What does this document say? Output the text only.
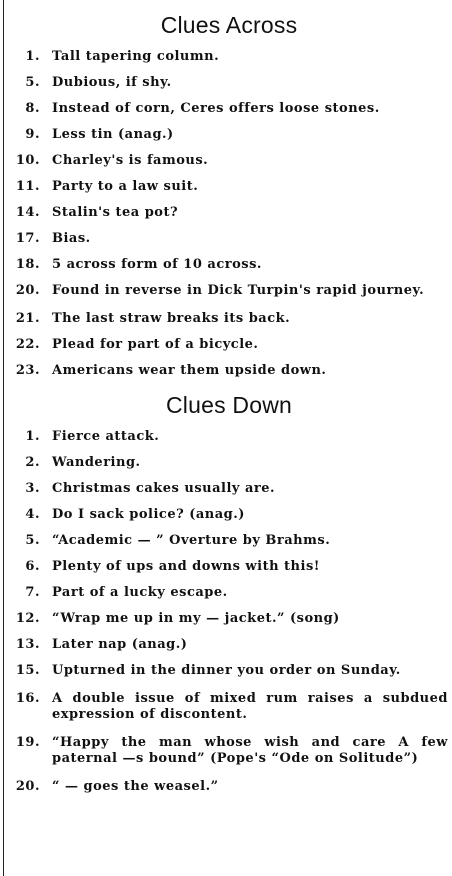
Clues Across
1. Tall tapering column.
5. Dubious, if shy.
8. Instead of corn, Ceres offers loose stones.
9. Less tin (anag.)
10. Charley's is famous.
11. Party to a law suit.
14. Stalin's tea pot?
17. Bias.
18. 5 across form of 10 across.
20. Found in reverse in Dick Turpin's rapid journey.
21. The last straw breaks its back.
22. Plead for part of a bicycle.
23. Americans wear them upside down.
Clues Down
1. Fierce attack.
2. Wandering.
3. Christmas cakes usually are.
4. Do I sack police? (anag.)
5. “Academic — ” Overture by Brahms.
6. Plenty of ups and downs with this!
7. Part of a lucky escape.
12. “Wrap me up in my — jacket.” (song)
13. Later nap (anag.)
15. Upturned in the dinner you order on Sunday.
16. A double issue of mixed rum raises a subdued expression of discontent.
19. “Happy the man whose wish and care A few paternal —s bound” (Pope's “Ode on Solitude”)
20. “ — goes the weasel.”
